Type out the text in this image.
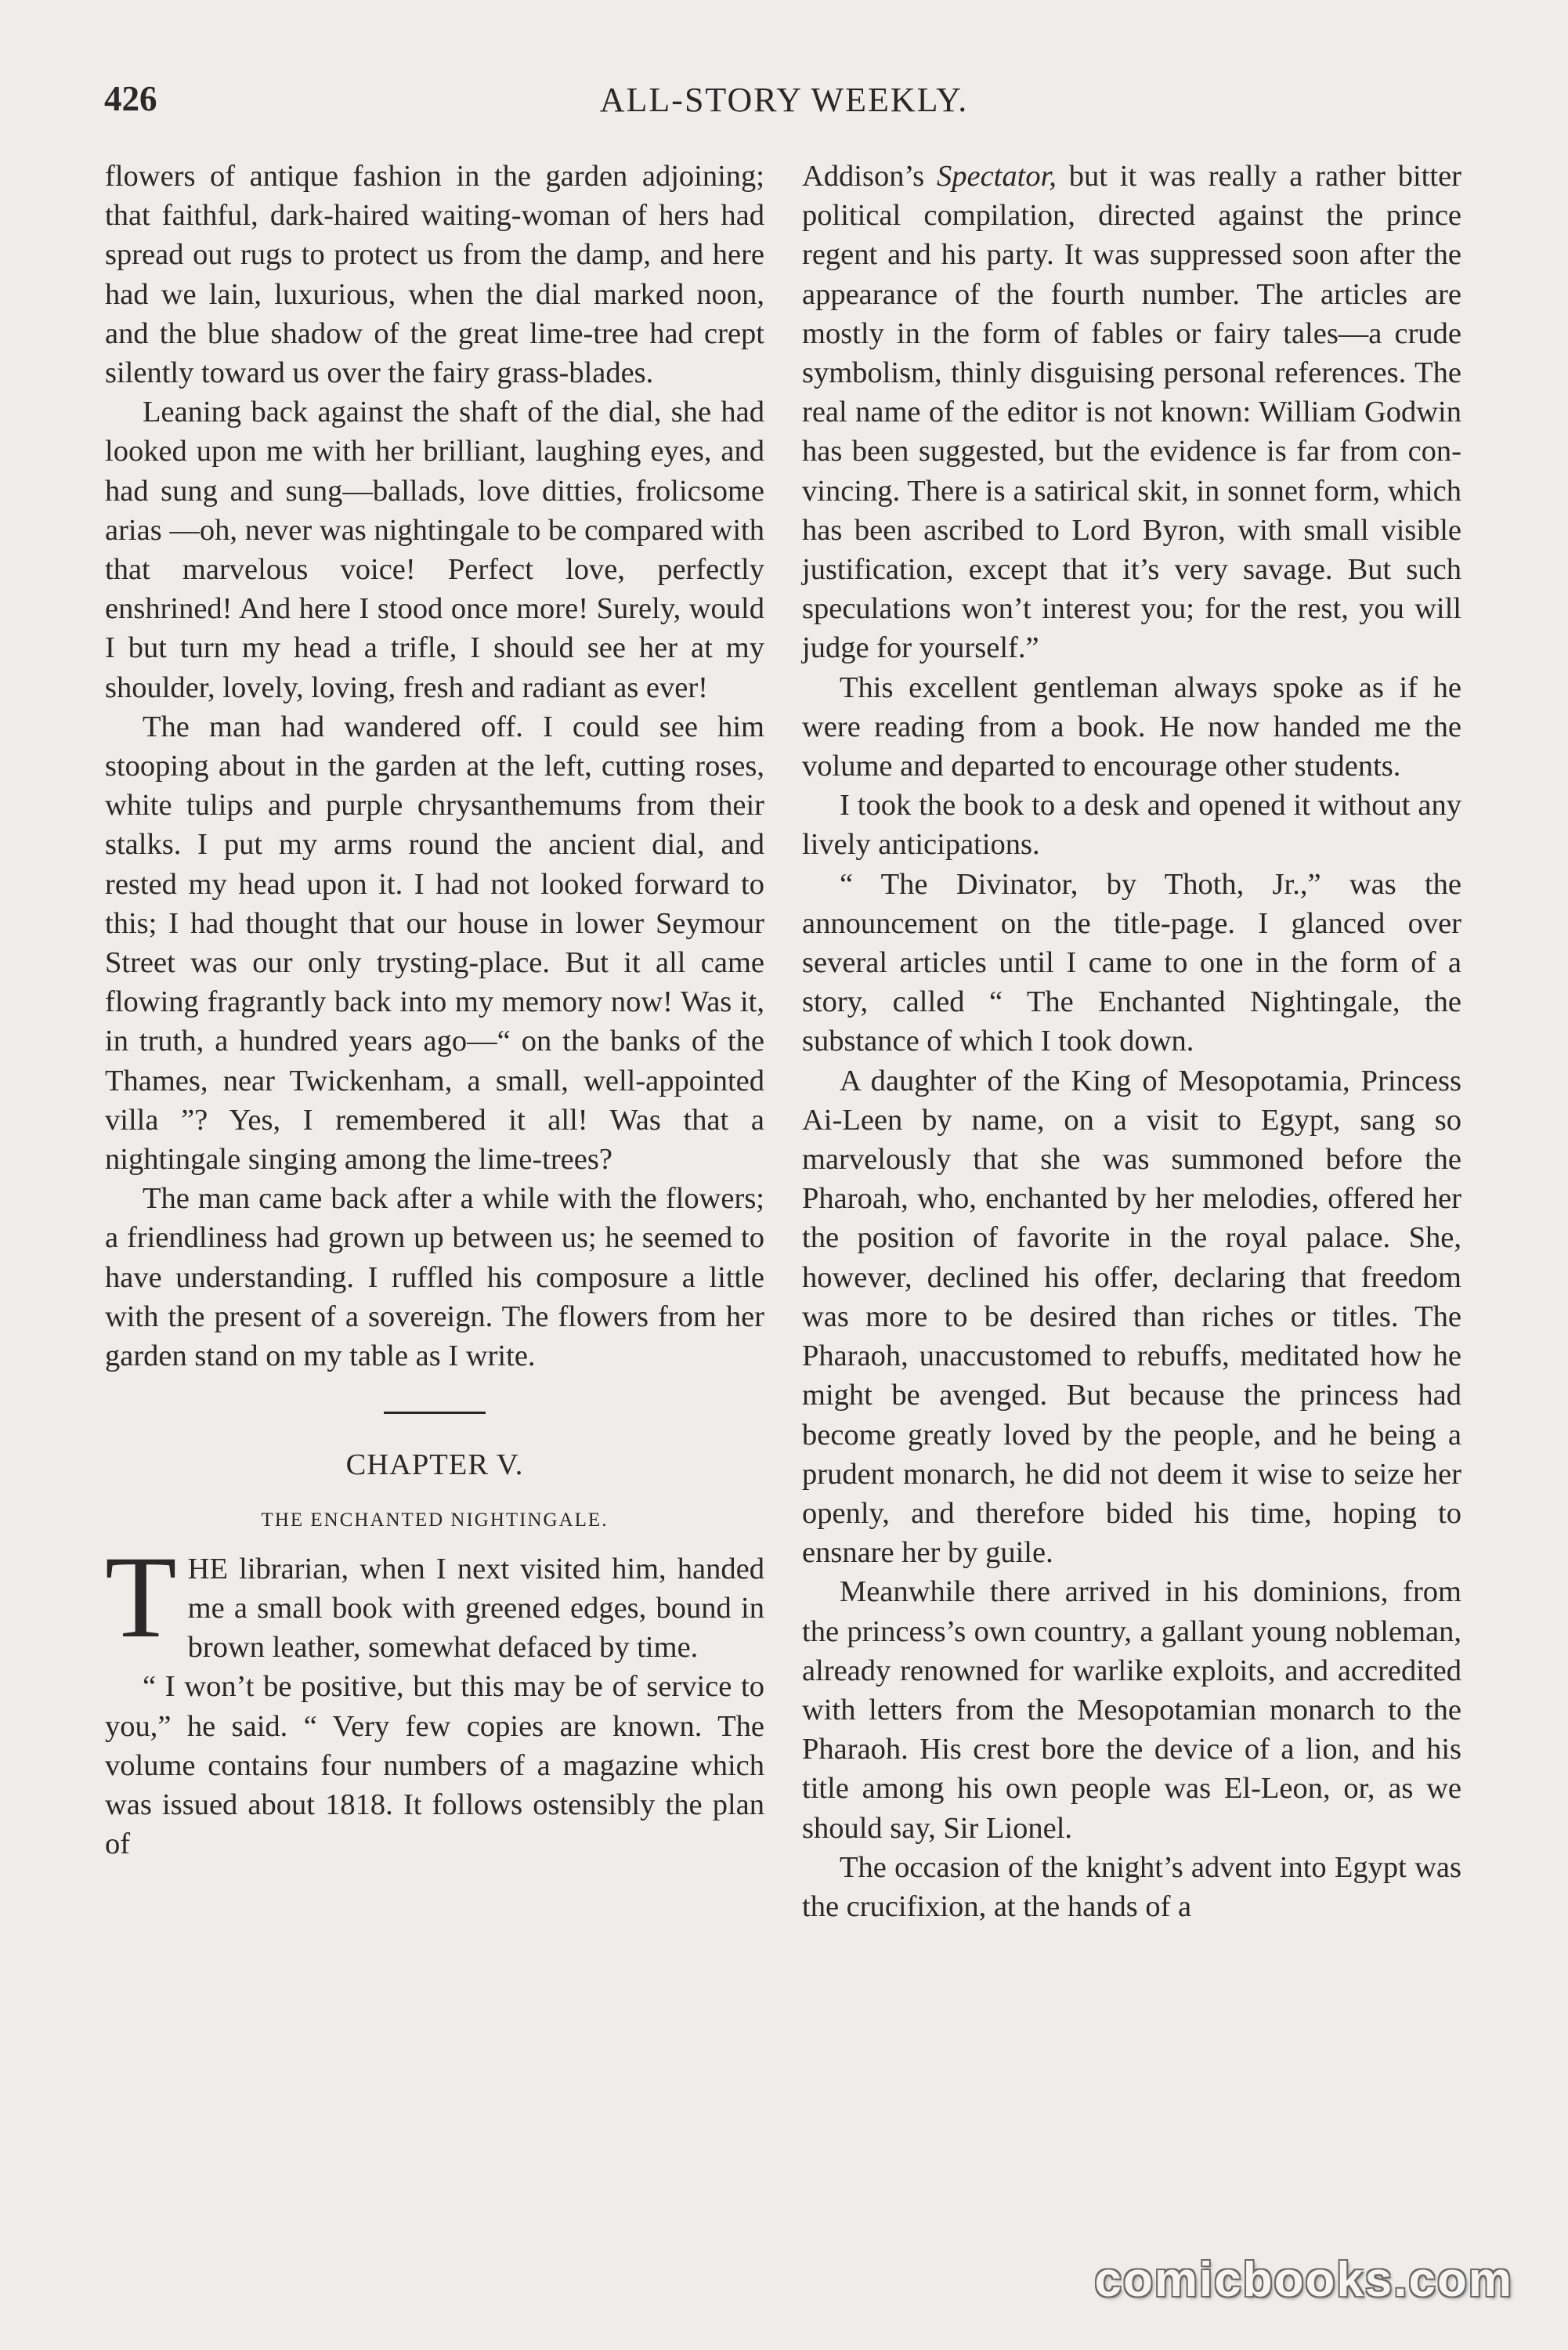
426	ALL-STORY WEEKLY.

flowers of antique fashion in the garden adjoining; that faithful, dark-haired waiting-woman of hers had spread out rugs to protect us from the damp, and here had we lain, luxurious, when the dial marked noon, and the blue shadow of the great lime-tree had crept silently toward us over the fairy grass-blades.

Leaning back against the shaft of the dial, she had looked upon me with her brilliant, laughing eyes, and had sung and sung—ballads, love ditties, frolicsome arias —oh, never was nightingale to be compared with that marvelous voice! Perfect love, perfectly enshrined! And here I stood once more! Surely, would I but turn my head a trifle, I should see her at my shoulder, lovely, loving, fresh and radiant as ever!

The man had wandered off. I could see him stooping about in the garden at the left, cutting roses, white tulips and purple chrysanthemums from their stalks. I put my arms round the ancient dial, and rested my head upon it. I had not looked forward to this; I had thought that our house in lower Seymour Street was our only trysting-place. But it all came flowing fragrantly back into my memory now! Was it, in truth, a hundred years ago—“ on the banks of the Thames, near Twickenham, a small, well-appointed villa ”? Yes, I remembered it all! Was that a nightingale singing among the lime-trees?

The man came back after a while with the flowers; a friendliness had grown up between us; he seemed to have understanding. I ruffled his composure a little with the present of a sovereign. The flowers from her garden stand on my table as I write.

CHAPTER V.
THE ENCHANTED NIGHTINGALE.

THE librarian, when I next visited him, handed me a small book with greened edges, bound in brown leather, somewhat defaced by time.

“ I won’t be positive, but this may be of service to you,” he said. “ Very few copies are known. The volume contains four numbers of a magazine which was issued about 1818. It follows ostensibly the plan of

Addison’s Spectator, but it was really a rather bitter political compilation, directed against the prince regent and his party. It was suppressed soon after the appearance of the fourth number. The articles are mostly in the form of fables or fairy tales—a crude symbolism, thinly disguising personal references. The real name of the editor is not known: William Godwin has been suggested, but the evidence is far from convincing. There is a satirical skit, in sonnet form, which has been ascribed to Lord Byron, with small visible justification, except that it’s very savage. But such speculations won’t interest you; for the rest, you will judge for yourself.”

This excellent gentleman always spoke as if he were reading from a book. He now handed me the volume and departed to encourage other students.

I took the book to a desk and opened it without any lively anticipations.

“ The Divinator, by Thoth, Jr.,” was the announcement on the title-page. I glanced over several articles until I came to one in the form of a story, called “ The Enchanted Nightingale, the substance of which I took down.

A daughter of the King of Mesopotamia, Princess Ai-Leen by name, on a visit to Egypt, sang so marvelously that she was summoned before the Pharoah, who, enchanted by her melodies, offered her the position of favorite in the royal palace. She, however, declined his offer, declaring that freedom was more to be desired than riches or titles. The Pharaoh, unaccustomed to rebuffs, meditated how he might be avenged. But because the princess had become greatly loved by the people, and he being a prudent monarch, he did not deem it wise to seize her openly, and therefore bided his time, hoping to ensnare her by guile.

Meanwhile there arrived in his dominions, from the princess’s own country, a gallant young nobleman, already renowned for warlike exploits, and accredited with letters from the Mesopotamian monarch to the Pharaoh. His crest bore the device of a lion, and his title among his own people was El-Leon, or, as we should say, Sir Lionel.

The occasion of the knight’s advent into Egypt was the crucifixion, at the hands of a

comicbooks.com
